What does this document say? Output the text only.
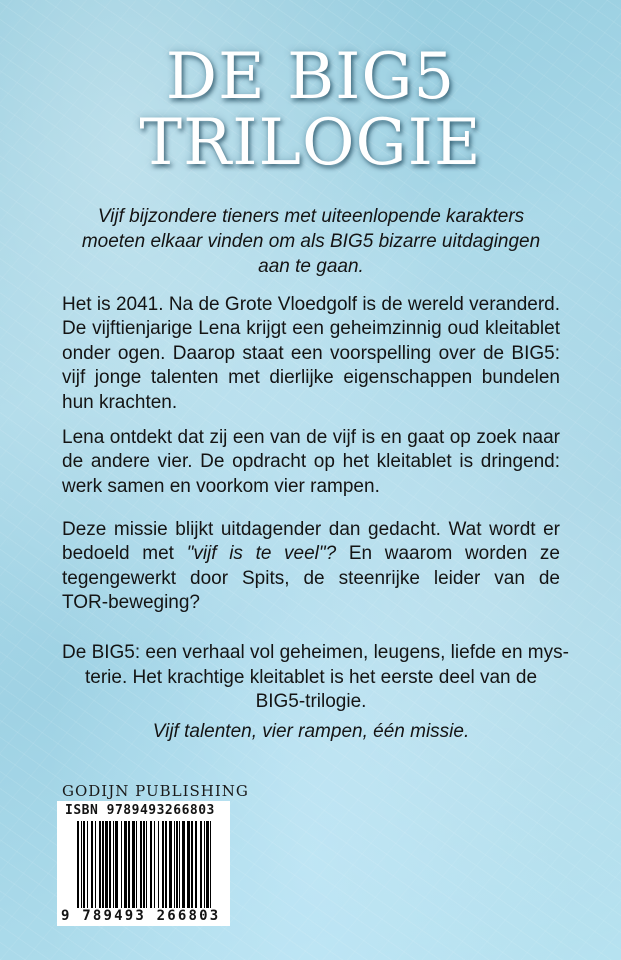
DE BIG5
TRILOGIE
Vijf bijzondere tieners met uiteenlopende karakters
moeten elkaar vinden om als BIG5 bizarre uitdagingen
aan te gaan.
Het is 2041. Na de Grote Vloedgolf is de wereld veranderd.
De vijftienjarige Lena krijgt een geheimzinnig oud kleitablet
onder ogen. Daarop staat een voorspelling over de BIG5:
vijf jonge talenten met dierlijke eigenschappen bundelen
hun krachten.
Lena ontdekt dat zij een van de vijf is en gaat op zoek naar
de andere vier. De opdracht op het kleitablet is dringend:
werk samen en voorkom vier rampen.
Deze missie blijkt uitdagender dan gedacht. Wat wordt er
bedoeld met "vijf is te veel"? En waarom worden ze
tegengewerkt door Spits, de steenrijke leider van de
TOR-beweging?
De BIG5: een verhaal vol geheimen, leugens, liefde en mys-
terie. Het krachtige kleitablet is het eerste deel van de
BIG5-trilogie.
Vijf talenten, vier rampen, één missie.
GODIJN PUBLISHING
ISBN 9789493266803
9 789493 266803
